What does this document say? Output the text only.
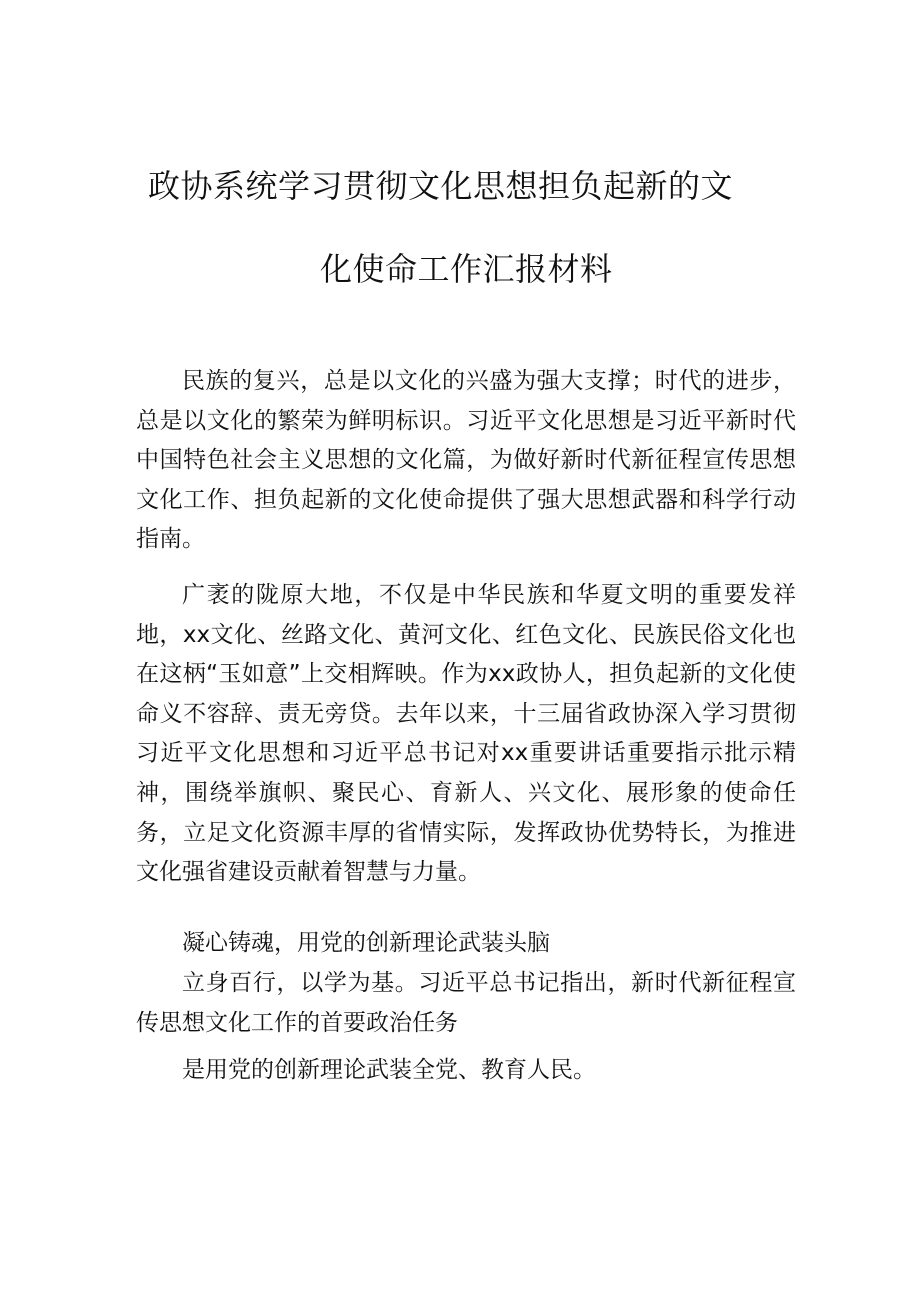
政协系统学习贯彻文化思想担负起新的文
化使命工作汇报材料

民族的复兴，总是以文化的兴盛为强大支撑；时代的进步，总是以文化的繁荣为鲜明标识。习近平文化思想是习近平新时代中国特色社会主义思想的文化篇，为做好新时代新征程宣传思想文化工作、担负起新的文化使命提供了强大思想武器和科学行动指南。

广袤的陇原大地，不仅是中华民族和华夏文明的重要发祥地，xx文化、丝路文化、黄河文化、红色文化、民族民俗文化也在这柄“玉如意”上交相辉映。作为xx政协人，担负起新的文化使命义不容辞、责无旁贷。去年以来，十三届省政协深入学习贯彻习近平文化思想和习近平总书记对xx重要讲话重要指示批示精神，围绕举旗帜、聚民心、育新人、兴文化、展形象的使命任务，立足文化资源丰厚的省情实际，发挥政协优势特长，为推进文化强省建设贡献着智慧与力量。

凝心铸魂，用党的创新理论武装头脑

立身百行，以学为基。习近平总书记指出，新时代新征程宣传思想文化工作的首要政治任务

是用党的创新理论武装全党、教育人民。
